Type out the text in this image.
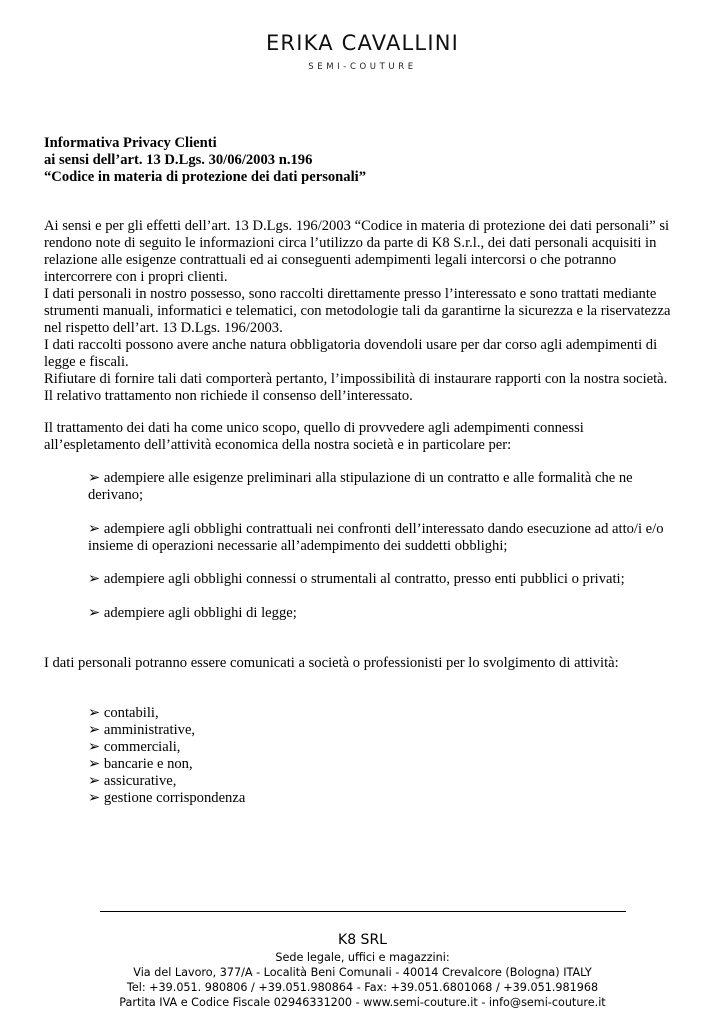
ERIKA CAVALLINI
SEMI-COUTURE
Informativa Privacy Clienti
ai sensi dell’art. 13 D.Lgs. 30/06/2003 n.196
“Codice in materia di protezione dei dati personali”
Ai sensi e per gli effetti dell’art. 13 D.Lgs. 196/2003 “Codice in materia di protezione dei dati personali” si
rendono note di seguito le informazioni circa l’utilizzo da parte di K8 S.r.l., dei dati personali acquisiti in
relazione alle esigenze contrattuali ed ai conseguenti adempimenti legali intercorsi o che potranno
intercorrere con i propri clienti.
I dati personali in nostro possesso, sono raccolti direttamente presso l’interessato e sono trattati mediante
strumenti manuali, informatici e telematici, con metodologie tali da garantirne la sicurezza e la riservatezza
nel rispetto dell’art. 13 D.Lgs. 196/2003.
I dati raccolti possono avere anche natura obbligatoria dovendoli usare per dar corso agli adempimenti di
legge e fiscali.
Rifiutare di fornire tali dati comporterà pertanto, l’impossibilità di instaurare rapporti con la nostra società.
Il relativo trattamento non richiede il consenso dell’interessato.
Il trattamento dei dati ha come unico scopo, quello di provvedere agli adempimenti connessi
all’espletamento dell’attività economica della nostra società e in particolare per:
➢ adempiere alle esigenze preliminari alla stipulazione di un contratto e alle formalità che ne
derivano;
➢ adempiere agli obblighi contrattuali nei confronti dell’interessato dando esecuzione ad atto/i e/o
insieme di operazioni necessarie all’adempimento dei suddetti obblighi;
➢ adempiere agli obblighi connessi o strumentali al contratto, presso enti pubblici o privati;
➢ adempiere agli obblighi di legge;
I dati personali potranno essere comunicati a società o professionisti per lo svolgimento di attività:
➢ contabili,
➢ amministrative,
➢ commerciali,
➢ bancarie e non,
➢ assicurative,
➢ gestione corrispondenza
K8 SRL
Sede legale, uffici e magazzini:
Via del Lavoro, 377/A - Località Beni Comunali - 40014 Crevalcore (Bologna) ITALY
Tel: +39.051. 980806 / +39.051.980864 - Fax: +39.051.6801068 / +39.051.981968
Partita IVA e Codice Fiscale 02946331200 - www.semi-couture.it - info@semi-couture.it
